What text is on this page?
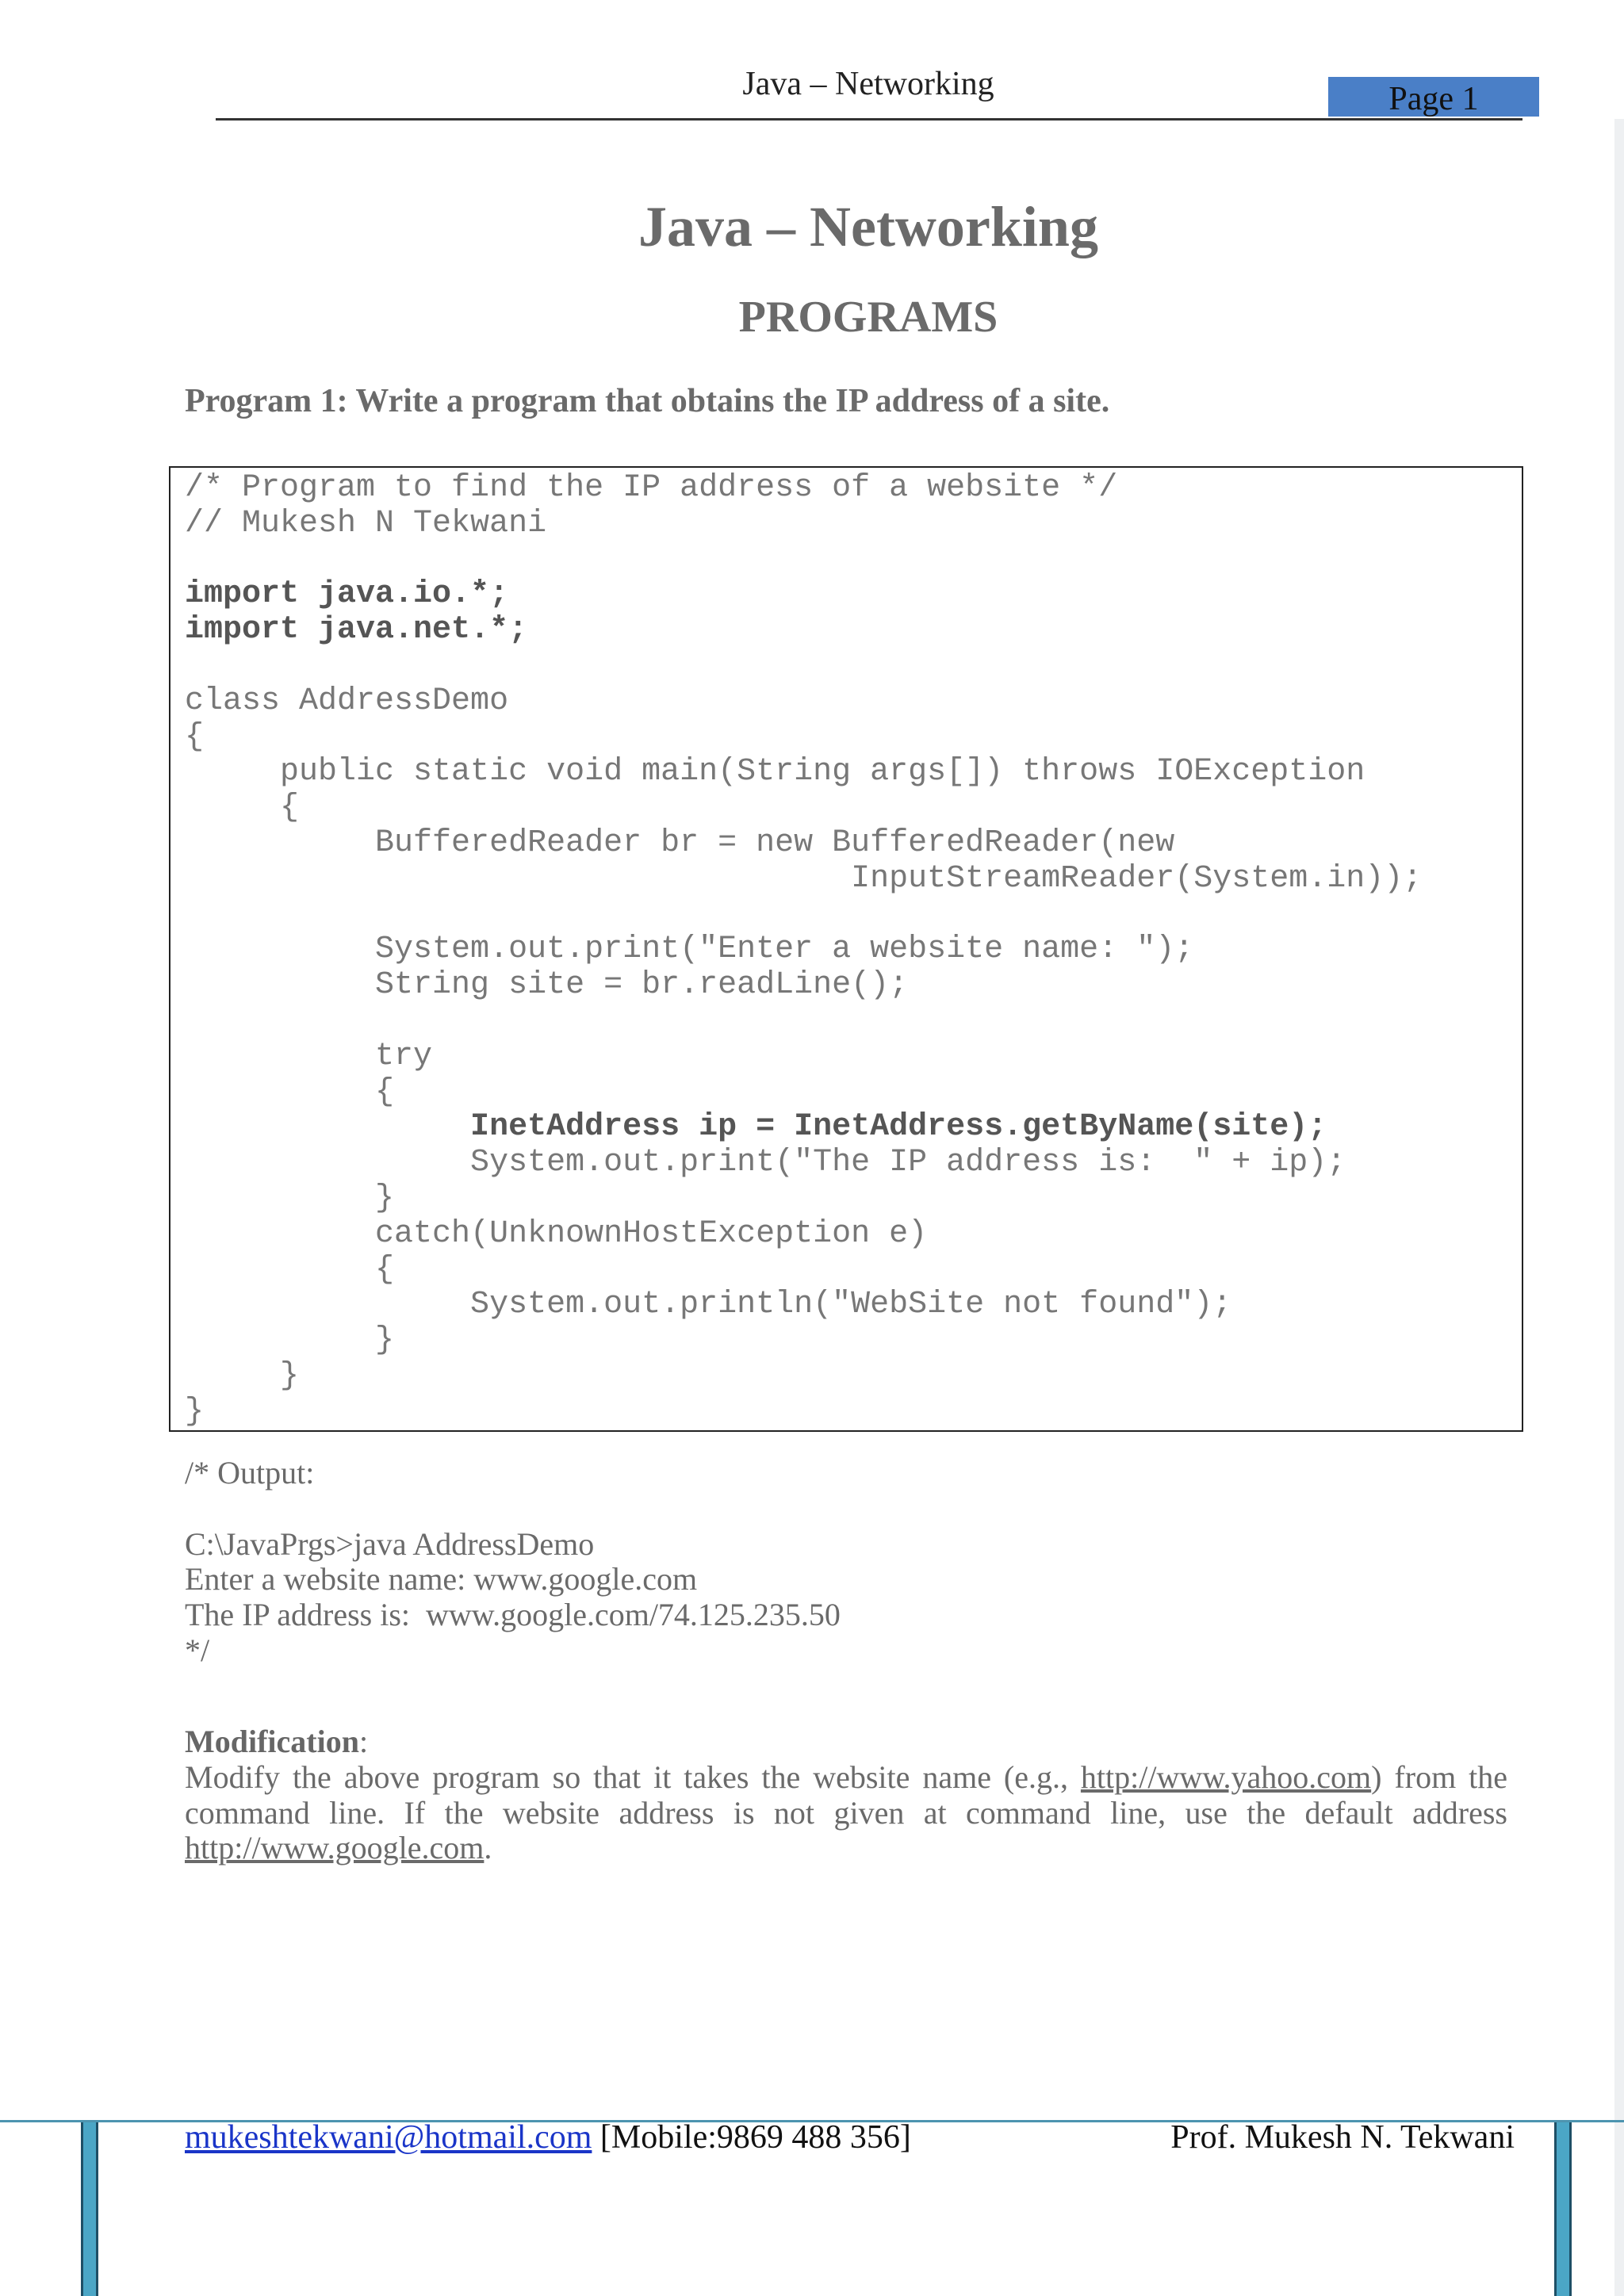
Java – Networking	Page 1
Java – Networking
PROGRAMS
Program 1: Write a program that obtains the IP address of a site.
/* Program to find the IP address of a website */
// Mukesh N Tekwani
import java.io.*;
import java.net.*;
class AddressDemo
{
public static void main(String args[]) throws IOException
{
BufferedReader br = new BufferedReader(new
InputStreamReader(System.in));
System.out.print("Enter a website name: ");
String site = br.readLine();
try
{
InetAddress ip = InetAddress.getByName(site);
System.out.print("The IP address is:  " + ip);
}
catch(UnknownHostException e)
{
System.out.println("WebSite not found");
}
}
}
/* Output:
C:\JavaPrgs>java AddressDemo
Enter a website name: www.google.com
The IP address is:  www.google.com/74.125.235.50
*/
Modification:
Modify the above program so that it takes the website name (e.g., http://www.yahoo.com) from the command line. If the website address is not given at command line, use the default address http://www.google.com.
mukeshtekwani@hotmail.com [Mobile:9869 488 356]	Prof. Mukesh N. Tekwani
